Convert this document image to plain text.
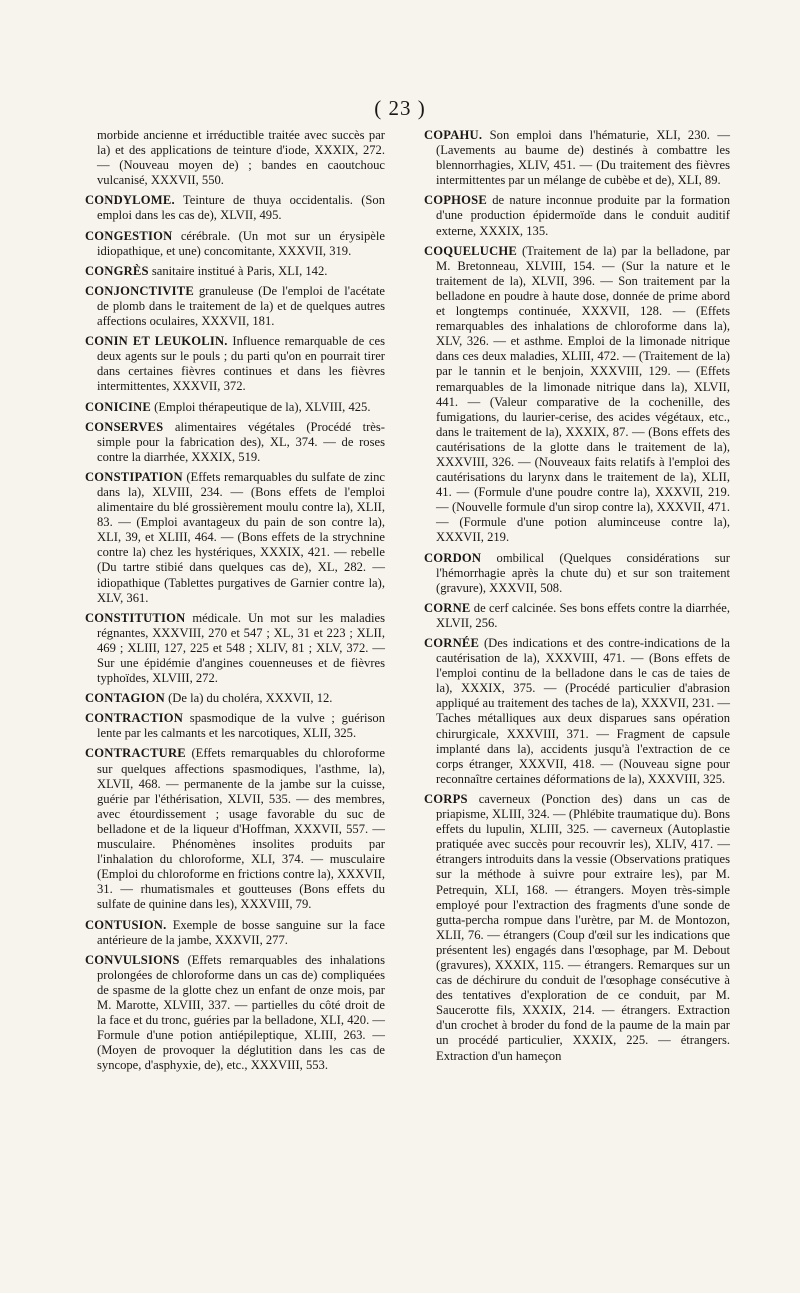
( 23 )

morbide ancienne et irréductible traitée avec succès par la) et des applications de teinture d'iode, XXXIX, 272. — (Nouveau moyen de) ; bandes en caoutchouc vulcanisé, XXXVII, 550.

CONDYLOME. Teinture de thuya occidentalis. (Son emploi dans les cas de), XLVII, 495.

CONGESTION cérébrale. (Un mot sur un érysipèle idiopathique, et une) concomitante, XXXVII, 319.

CONGRÈS sanitaire institué à Paris, XLI, 142.

CONJONCTIVITE granuleuse (De l'emploi de l'acétate de plomb dans le traitement de la) et de quelques autres affections oculaires, XXXVII, 181.

CONIN ET LEUKOLIN. Influence remarquable de ces deux agents sur le pouls ; du parti qu'on en pourrait tirer dans certaines fièvres continues et dans les fièvres intermittentes, XXXVII, 372.

CONICINE (Emploi thérapeutique de la), XLVIII, 425.

CONSERVES alimentaires végétales (Procédé très-simple pour la fabrication des), XL, 374. — de roses contre la diarrhée, XXXIX, 519.

CONSTIPATION (Effets remarquables du sulfate de zinc dans la), XLVIII, 234. — (Bons effets de l'emploi alimentaire du blé grossièrement moulu contre la), XLII, 83. — (Emploi avantageux du pain de son contre la), XLI, 39, et XLIII, 464. — (Bons effets de la strychnine contre la) chez les hystériques, XXXIX, 421. — rebelle (Du tartre stibié dans quelques cas de), XL, 282. — idiopathique (Tablettes purgatives de Garnier contre la), XLV, 361.

CONSTITUTION médicale. Un mot sur les maladies régnantes, XXXVIII, 270 et 547 ; XL, 31 et 223 ; XLII, 469 ; XLIII, 127, 225 et 548 ; XLIV, 81 ; XLV, 372. — Sur une épidémie d'angines couenneuses et de fièvres typhoïdes, XLVIII, 272.

CONTAGION (De la) du choléra, XXXVII, 12.

CONTRACTION spasmodique de la vulve ; guérison lente par les calmants et les narcotiques, XLII, 325.

CONTRACTURE (Effets remarquables du chloroforme sur quelques affections spasmodiques, l'asthme, la), XLVII, 468. — permanente de la jambe sur la cuisse, guérie par l'éthérisation, XLVII, 535. — des membres, avec étourdissement ; usage favorable du suc de belladone et de la liqueur d'Hoffman, XXXVII, 557. — musculaire. Phénomènes insolites produits par l'inhalation du chloroforme, XLI, 374. — musculaire (Emploi du chloroforme en frictions contre la), XXXVII, 31. — rhumatismales et goutteuses (Bons effets du sulfate de quinine dans les), XXXVIII, 79.

CONTUSION. Exemple de bosse sanguine sur la face antérieure de la jambe, XXXVII, 277.

CONVULSIONS (Effets remarquables des inhalations prolongées de chloroforme dans un cas de) compliquées de spasme de la glotte chez un enfant de onze mois, par M. Marotte, XLVIII, 337. — partielles du côté droit de la face et du tronc, guéries par la belladone, XLI, 420. — Formule d'une potion antiépileptique, XLIII, 263. — (Moyen de provoquer la déglutition dans les cas de syncope, d'asphyxie, de), etc., XXXVIII, 553.

COPAHU. Son emploi dans l'hématurie, XLI, 230. — (Lavements au baume de) destinés à combattre les blennorrhagies, XLIV, 451. — (Du traitement des fièvres intermittentes par un mélange de cubèbe et de), XLI, 89.

COPHOSE de nature inconnue produite par la formation d'une production épidermoïde dans le conduit auditif externe, XXXIX, 135.

COQUELUCHE (Traitement de la) par la belladone, par M. Bretonneau, XLVIII, 154. — (Sur la nature et le traitement de la), XLVII, 396. — Son traitement par la belladone en poudre à haute dose, donnée de prime abord et longtemps continuée, XXXVII, 128. — (Effets remarquables des inhalations de chloroforme dans la), XLV, 326. — et asthme. Emploi de la limonade nitrique dans ces deux maladies, XLIII, 472. — (Traitement de la) par le tannin et le benjoin, XXXVIII, 129. — (Effets remarquables de la limonade nitrique dans la), XLVII, 441. — (Valeur comparative de la cochenille, des fumigations, du laurier-cerise, des acides végétaux, etc., dans le traitement de la), XXXIX, 87. — (Bons effets des cautérisations de la glotte dans le traitement de la), XXXVIII, 326. — (Nouveaux faits relatifs à l'emploi des cautérisations du larynx dans le traitement de la), XLII, 41. — (Formule d'une poudre contre la), XXXVII, 219. — (Nouvelle formule d'un sirop contre la), XXXVII, 471. — (Formule d'une potion aluminceuse contre la), XXXVII, 219.

CORDON ombilical (Quelques considérations sur l'hémorrhagie après la chute du) et sur son traitement (gravure), XXXVII, 508.

CORNE de cerf calcinée. Ses bons effets contre la diarrhée, XLVII, 256.

CORNÉE (Des indications et des contre-indications de la cautérisation de la), XXXVIII, 471. — (Bons effets de l'emploi continu de la belladone dans le cas de taies de la), XXXIX, 375. — (Procédé particulier d'abrasion appliqué au traitement des taches de la), XXXVII, 231. — Taches métalliques aux deux disparues sans opération chirurgicale, XXXVIII, 371. — Fragment de capsule implanté dans la), accidents jusqu'à l'extraction de ce corps étranger, XXXVII, 418. — (Nouveau signe pour reconnaître certaines déformations de la), XXXVIII, 325.

CORPS caverneux (Ponction des) dans un cas de priapisme, XLIII, 324. — (Phlébite traumatique du). Bons effets du lupulin, XLIII, 325. — caverneux (Autoplastie pratiquée avec succès pour recouvrir les), XLIV, 417. — étrangers introduits dans la vessie (Observations pratiques sur la méthode à suivre pour extraire les), par M. Petrequin, XLI, 168. — étrangers. Moyen très-simple employé pour l'extraction des fragments d'une sonde de gutta-percha rompue dans l'urètre, par M. de Montozon, XLII, 76. — étrangers (Coup d'œil sur les indications que présentent les) engagés dans l'œsophage, par M. Debout (gravures), XXXIX, 115. — étrangers. Remarques sur un cas de déchirure du conduit de l'œsophage consécutive à des tentatives d'exploration de ce conduit, par M. Saucerotte fils, XXXIX, 214. — étrangers. Extraction d'un crochet à broder du fond de la paume de la main par un procédé particulier, XXXIX, 225. — étrangers. Extraction d'un hameçon
